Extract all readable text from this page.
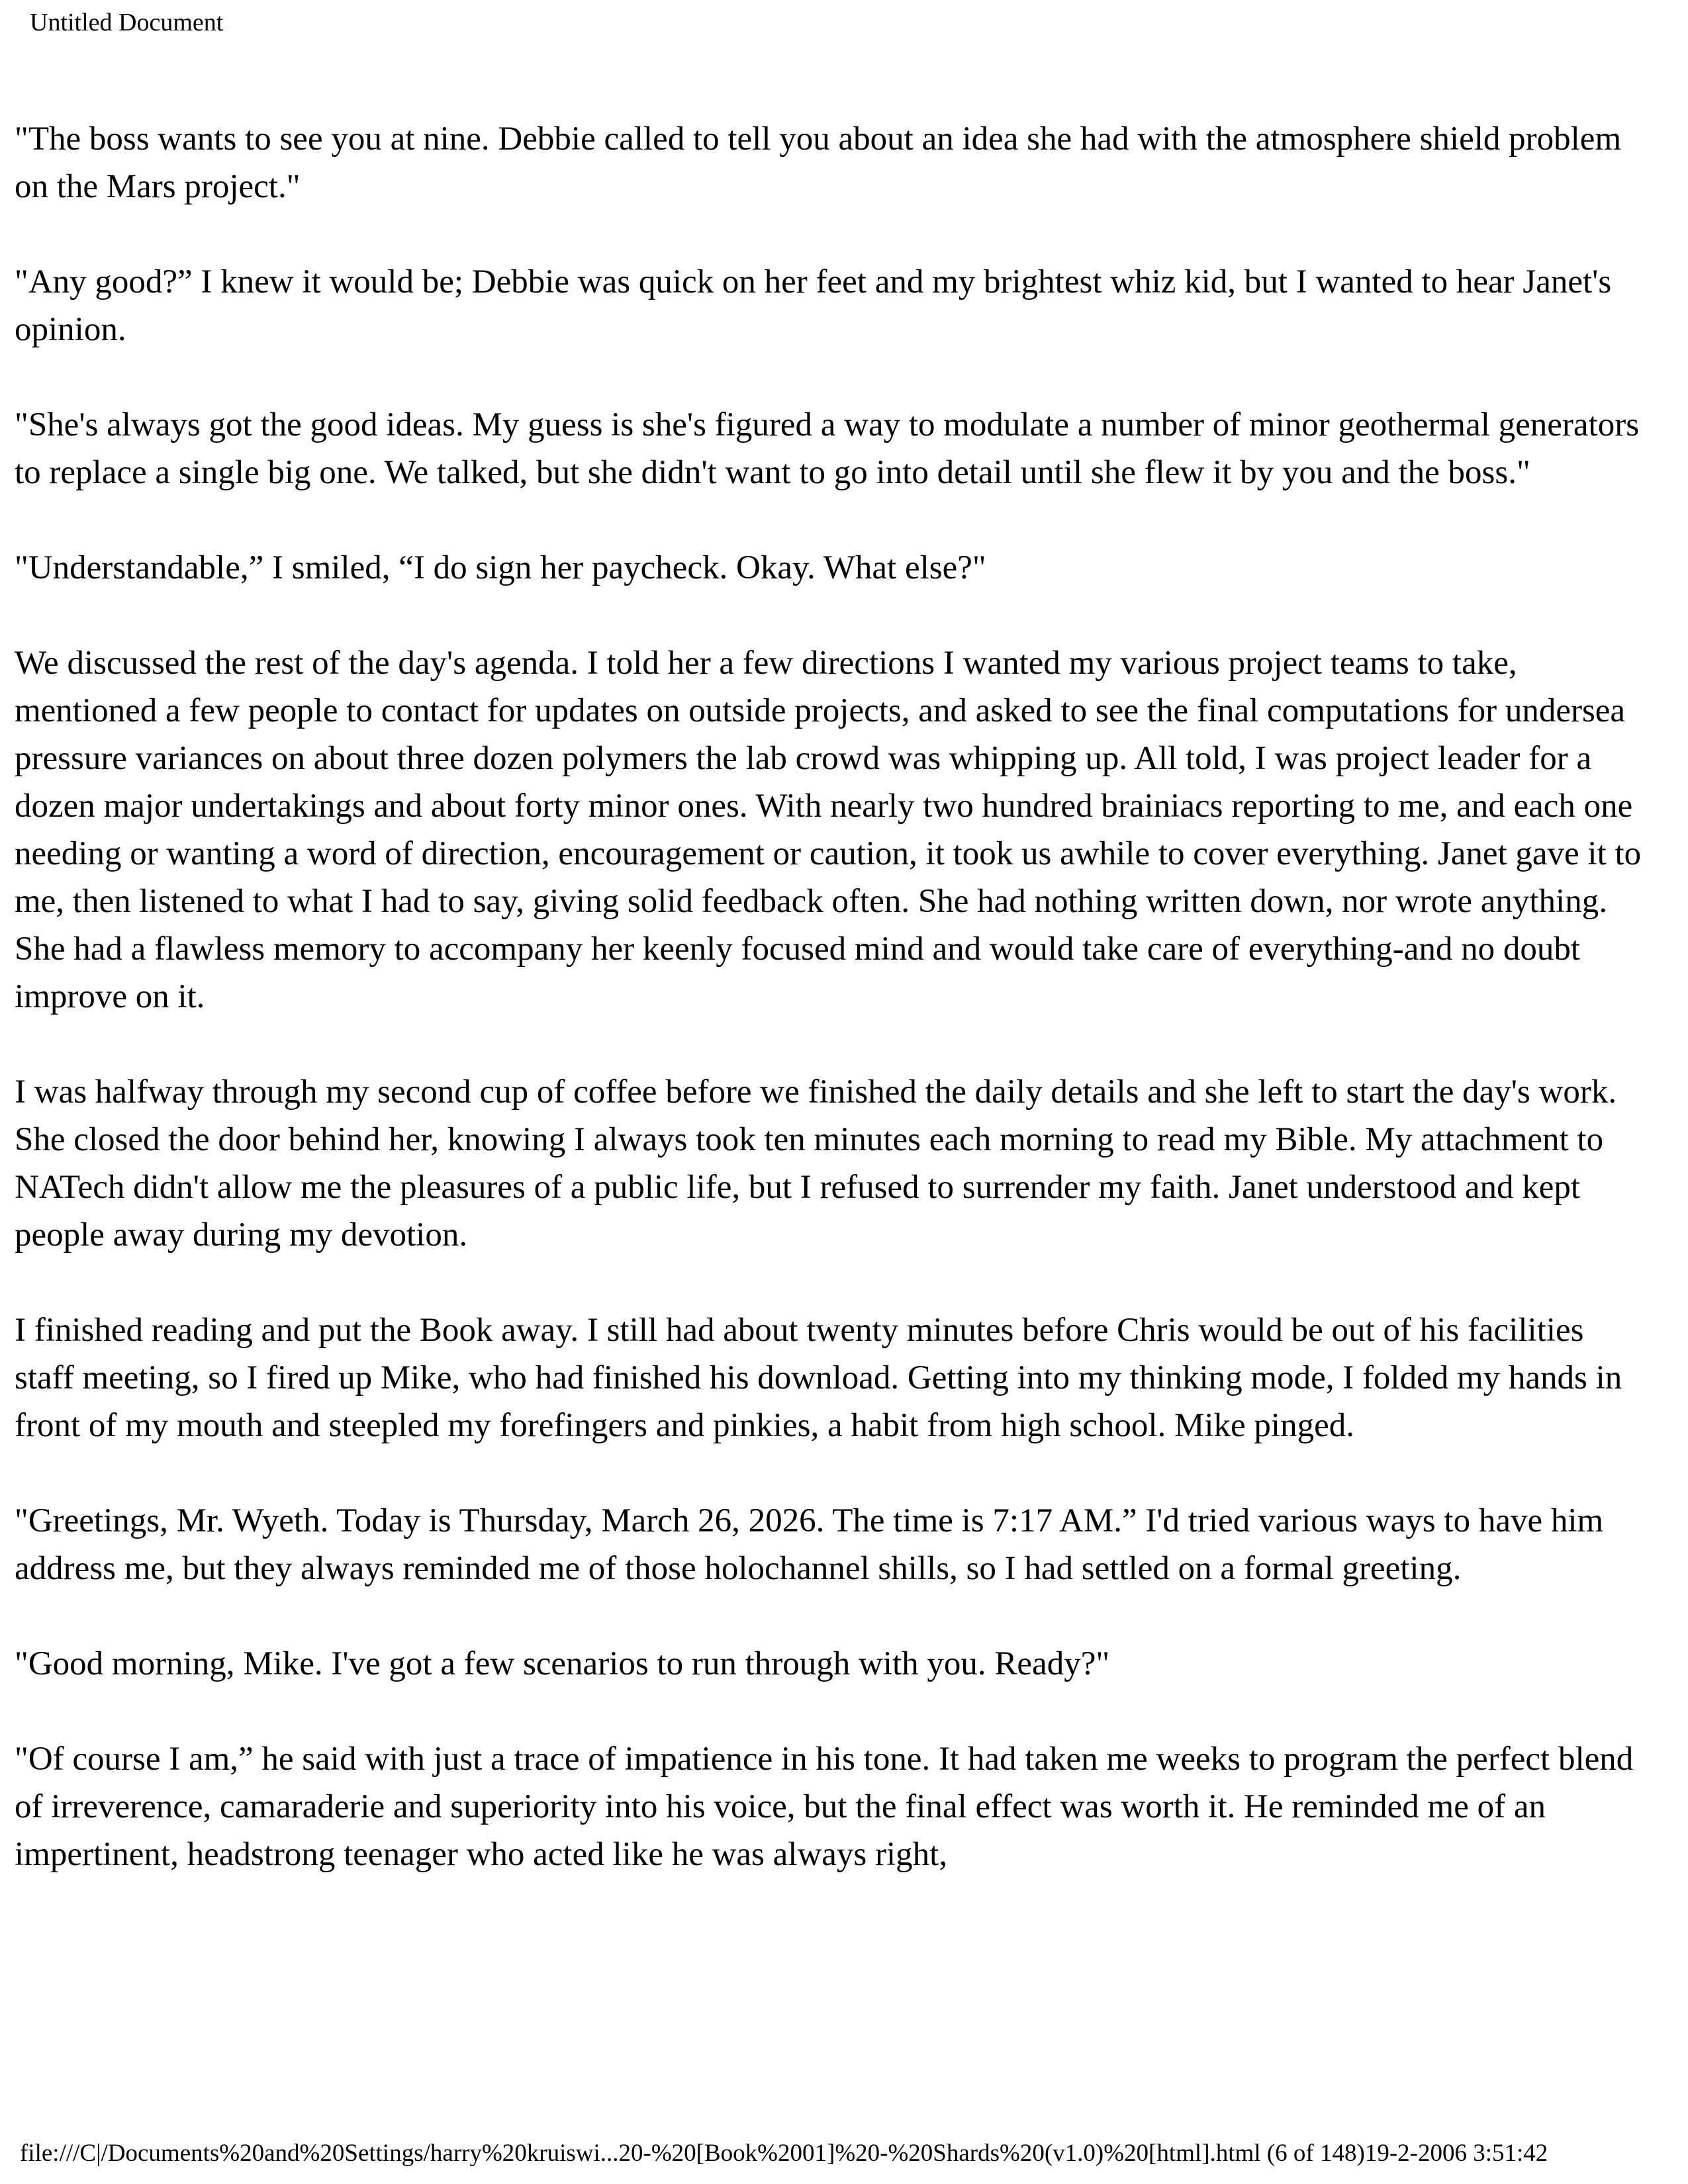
Untitled Document

"The boss wants to see you at nine. Debbie called to tell you about an idea she had with the atmosphere shield problem on the Mars project."

"Any good?” I knew it would be; Debbie was quick on her feet and my brightest whiz kid, but I wanted to hear Janet's opinion.

"She's always got the good ideas. My guess is she's figured a way to modulate a number of minor geothermal generators to replace a single big one. We talked, but she didn't want to go into detail until she flew it by you and the boss."

"Understandable,” I smiled, “I do sign her paycheck. Okay. What else?"

We discussed the rest of the day's agenda. I told her a few directions I wanted my various project teams to take, mentioned a few people to contact for updates on outside projects, and asked to see the final computations for undersea pressure variances on about three dozen polymers the lab crowd was whipping up. All told, I was project leader for a dozen major undertakings and about forty minor ones. With nearly two hundred brainiacs reporting to me, and each one needing or wanting a word of direction, encouragement or caution, it took us awhile to cover everything. Janet gave it to me, then listened to what I had to say, giving solid feedback often. She had nothing written down, nor wrote anything. She had a flawless memory to accompany her keenly focused mind and would take care of everything-and no doubt improve on it.

I was halfway through my second cup of coffee before we finished the daily details and she left to start the day's work. She closed the door behind her, knowing I always took ten minutes each morning to read my Bible. My attachment to NATech didn't allow me the pleasures of a public life, but I refused to surrender my faith. Janet understood and kept people away during my devotion.

I finished reading and put the Book away. I still had about twenty minutes before Chris would be out of his facilities staff meeting, so I fired up Mike, who had finished his download. Getting into my thinking mode, I folded my hands in front of my mouth and steepled my forefingers and pinkies, a habit from high school. Mike pinged.

"Greetings, Mr. Wyeth. Today is Thursday, March 26, 2026. The time is 7:17 AM.” I'd tried various ways to have him address me, but they always reminded me of those holochannel shills, so I had settled on a formal greeting.

"Good morning, Mike. I've got a few scenarios to run through with you. Ready?"

"Of course I am,” he said with just a trace of impatience in his tone. It had taken me weeks to program the perfect blend of irreverence, camaraderie and superiority into his voice, but the final effect was worth it. He reminded me of an impertinent, headstrong teenager who acted like he was always right,

file:///C|/Documents%20and%20Settings/harry%20kruiswi...20-%20[Book%2001]%20-%20Shards%20(v1.0)%20[html].html (6 of 148)19-2-2006 3:51:42
